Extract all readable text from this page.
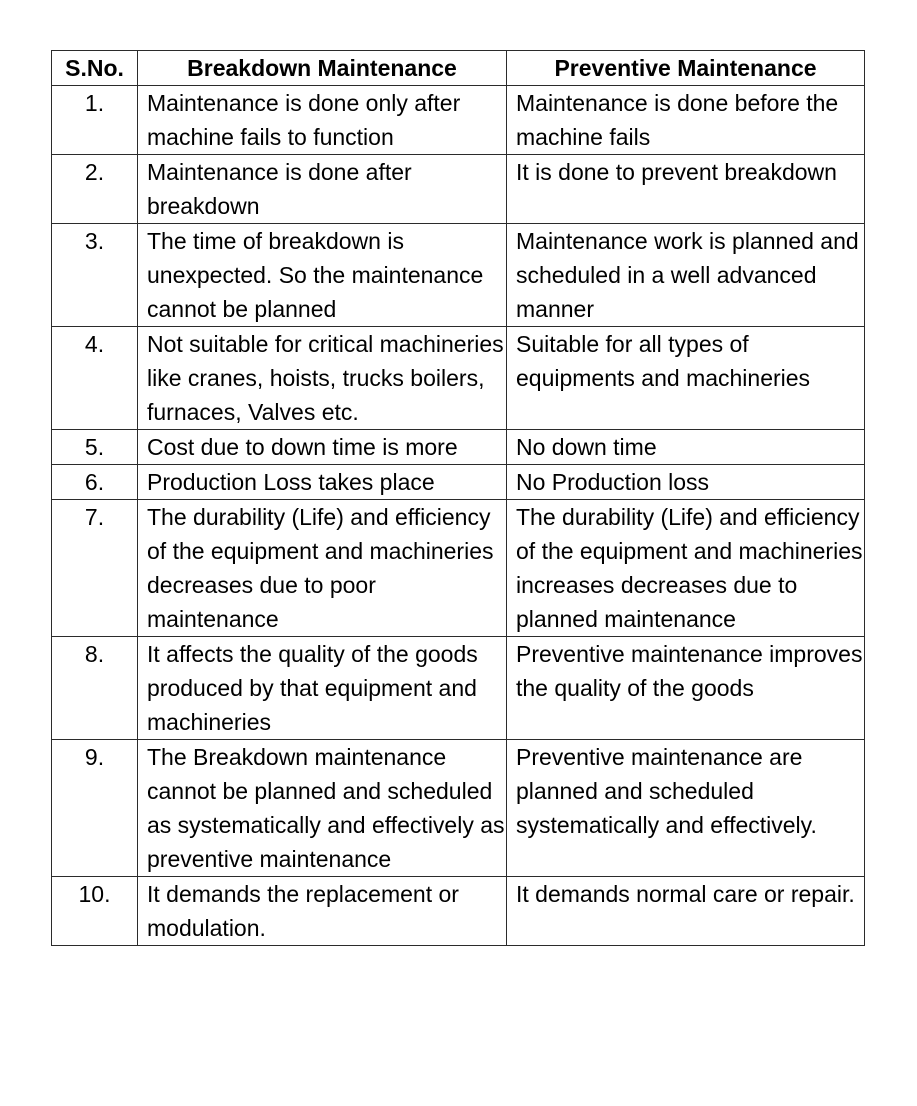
S.No.	Breakdown Maintenance	Preventive Maintenance
1.	Maintenance is done only after machine fails to function	Maintenance is done before the machine fails
2.	Maintenance is done after breakdown	It is done to prevent breakdown
3.	The time of breakdown is unexpected. So the maintenance cannot be planned	Maintenance work is planned and scheduled in a well advanced manner
4.	Not suitable for critical machineries like cranes, hoists, trucks boilers, furnaces, Valves etc.	Suitable for all types of equipments and machineries
5.	Cost due to down time is more	No down time
6.	Production Loss takes place	No Production loss
7.	The durability (Life) and efficiency of the equipment and machineries decreases due to poor maintenance	The durability (Life) and efficiency of the equipment and machineries increases decreases due to planned maintenance
8.	It affects the quality of the goods produced by that equipment and machineries	Preventive maintenance improves the quality of the goods
9.	The Breakdown maintenance cannot be planned and scheduled as systematically and effectively as preventive maintenance	Preventive maintenance are planned and scheduled systematically and effectively.
10.	It demands the replacement or modulation.	It demands normal care or repair.
